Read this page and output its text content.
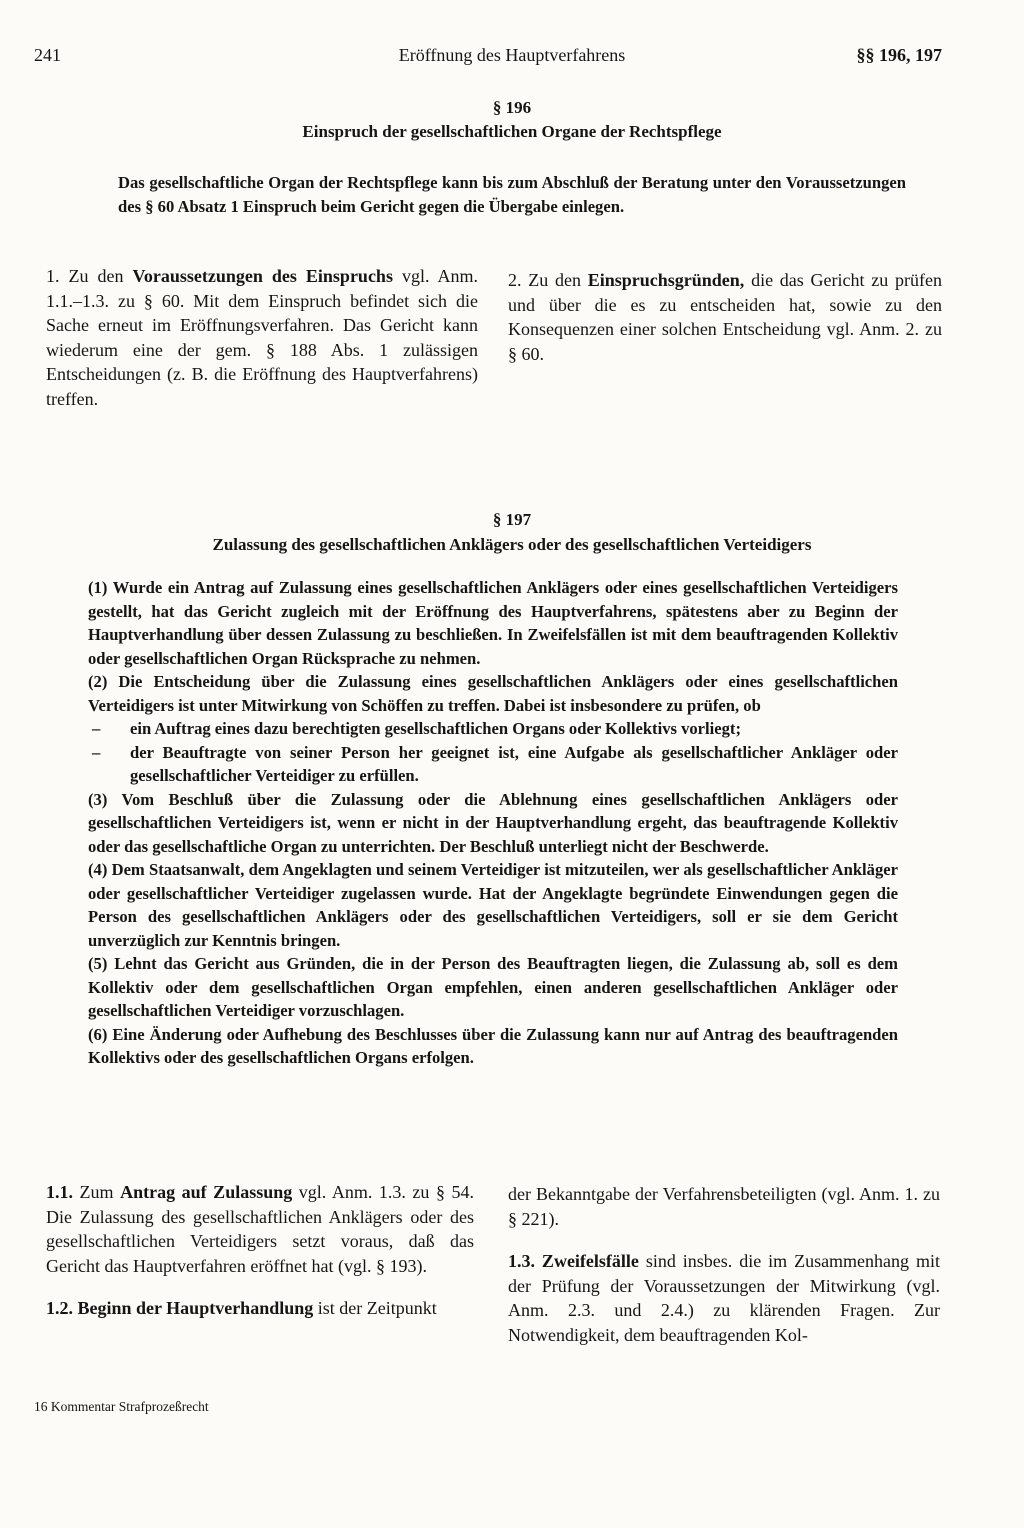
Eröffnung des Hauptverfahrens
241	§§ 196, 197
§ 196
Einspruch der gesellschaftlichen Organe der Rechtspflege

Das gesellschaftliche Organ der Rechtspflege kann bis zum Abschluß der Beratung unter den Voraussetzungen des § 60 Absatz 1 Einspruch beim Gericht gegen die Übergabe einlegen.

1. Zu den Voraussetzungen des Einspruchs vgl. Anm. 1.1.–1.3. zu § 60. Mit dem Einspruch befindet sich die Sache erneut im Eröffnungsverfahren. Das Gericht kann wiederum eine der gem. § 188 Abs. 1 zulässigen Entscheidungen (z. B. die Eröffnung des Hauptverfahrens) treffen.

2. Zu den Einspruchsgründen, die das Gericht zu prüfen und über die es zu entscheiden hat, sowie zu den Konsequenzen einer solchen Entscheidung vgl. Anm. 2. zu § 60.

§ 197
Zulassung des gesellschaftlichen Anklägers oder des gesellschaftlichen Verteidigers

(1) Wurde ein Antrag auf Zulassung eines gesellschaftlichen Anklägers oder eines gesellschaftlichen Verteidigers gestellt, hat das Gericht zugleich mit der Eröffnung des Hauptverfahrens, spätestens aber zu Beginn der Hauptverhandlung über dessen Zulassung zu beschließen. In Zweifelsfällen ist mit dem beauftragenden Kollektiv oder gesellschaftlichen Organ Rücksprache zu nehmen.

(2) Die Entscheidung über die Zulassung eines gesellschaftlichen Anklägers oder eines gesellschaftlichen Verteidigers ist unter Mitwirkung von Schöffen zu treffen. Dabei ist insbesondere zu prüfen, ob

– ein Auftrag eines dazu berechtigten gesellschaftlichen Organs oder Kollektivs vorliegt;
– der Beauftragte von seiner Person her geeignet ist, eine Aufgabe als gesellschaftlicher Ankläger oder gesellschaftlicher Verteidiger zu erfüllen.

(3) Vom Beschluß über die Zulassung oder die Ablehnung eines gesellschaftlichen Anklägers oder gesellschaftlichen Verteidigers ist, wenn er nicht in der Hauptverhandlung ergeht, das beauftragende Kollektiv oder das gesellschaftliche Organ zu unterrichten. Der Beschluß unterliegt nicht der Beschwerde.

(4) Dem Staatsanwalt, dem Angeklagten und seinem Verteidiger ist mitzuteilen, wer als gesellschaftlicher Ankläger oder gesellschaftlicher Verteidiger zugelassen wurde. Hat der Angeklagte begründete Einwendungen gegen die Person des gesellschaftlichen Anklägers oder des gesellschaftlichen Verteidigers, soll er sie dem Gericht unverzüglich zur Kenntnis bringen.

(5) Lehnt das Gericht aus Gründen, die in der Person des Beauftragten liegen, die Zulassung ab, soll es dem Kollektiv oder dem gesellschaftlichen Organ empfehlen, einen anderen gesellschaftlichen Ankläger oder gesellschaftlichen Verteidiger vorzuschlagen.

(6) Eine Änderung oder Aufhebung des Beschlusses über die Zulassung kann nur auf Antrag des beauftragenden Kollektivs oder des gesellschaftlichen Organs erfolgen.

1.1. Zum Antrag auf Zulassung vgl. Anm. 1.3. zu § 54. Die Zulassung des gesellschaftlichen Anklägers oder des gesellschaftlichen Verteidigers setzt voraus, daß das Gericht das Hauptverfahren eröffnet hat (vgl. § 193).

1.2. Beginn der Hauptverhandlung ist der Zeitpunkt

der Bekanntgabe der Verfahrensbeteiligten (vgl. Anm. 1. zu § 221).

1.3. Zweifelsfälle sind insbes. die im Zusammenhang mit der Prüfung der Voraussetzungen der Mitwirkung (vgl. Anm. 2.3. und 2.4.) zu klärenden Fragen. Zur Notwendigkeit, dem beauftragenden Kol-

16 Kommentar Strafprozeßrecht
